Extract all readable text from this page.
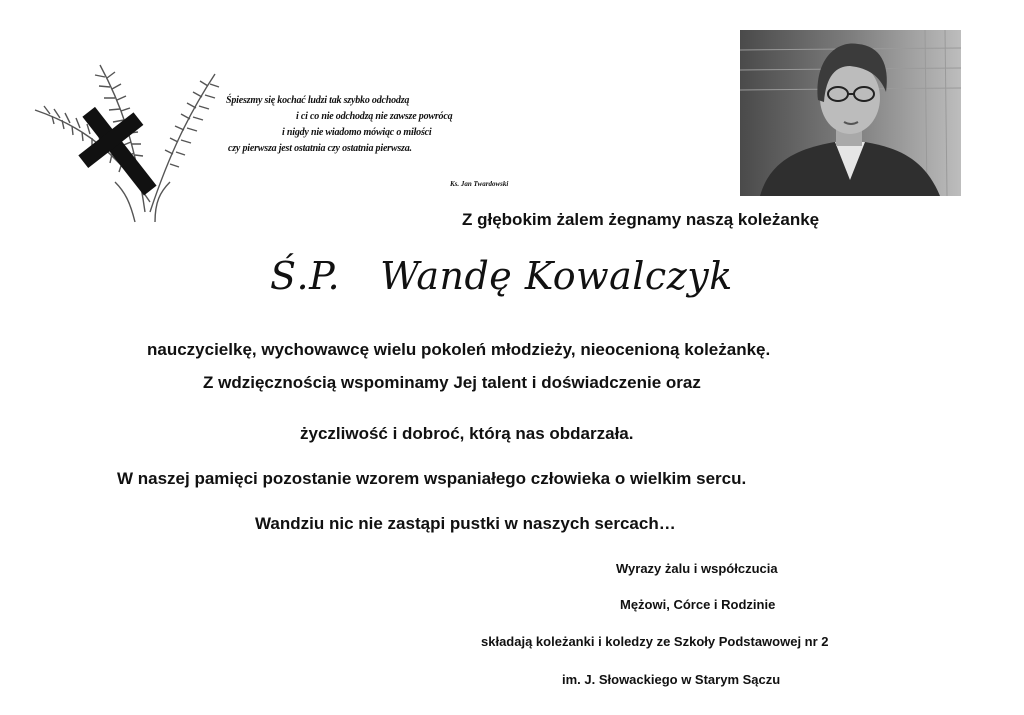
Śpieszmy się kochać ludzi tak szybko odchodzą
i ci co nie odchodzą nie zawsze powrócą
i nigdy nie wiadomo mówiąc o miłości
czy pierwsza jest ostatnia czy ostatnia pierwsza.
Ks. Jan Twardowski
Z głębokim żalem żegnamy naszą koleżankę
Ś.P. Wandę Kowalczyk
nauczycielkę, wychowawcę wielu pokoleń młodzieży, nieocenioną koleżankę.
Z wdzięcznością wspominamy Jej talent i doświadczenie oraz
życzliwość i dobroć, którą nas obdarzała.
W naszej pamięci pozostanie wzorem wspaniałego człowieka o wielkim sercu.
Wandziu nic nie zastąpi pustki w naszych sercach…
Wyrazy żalu i współczucia
Mężowi, Córce i Rodzinie
składają koleżanki i koledzy ze Szkoły Podstawowej nr 2
im. J. Słowackiego w Starym Sączu
